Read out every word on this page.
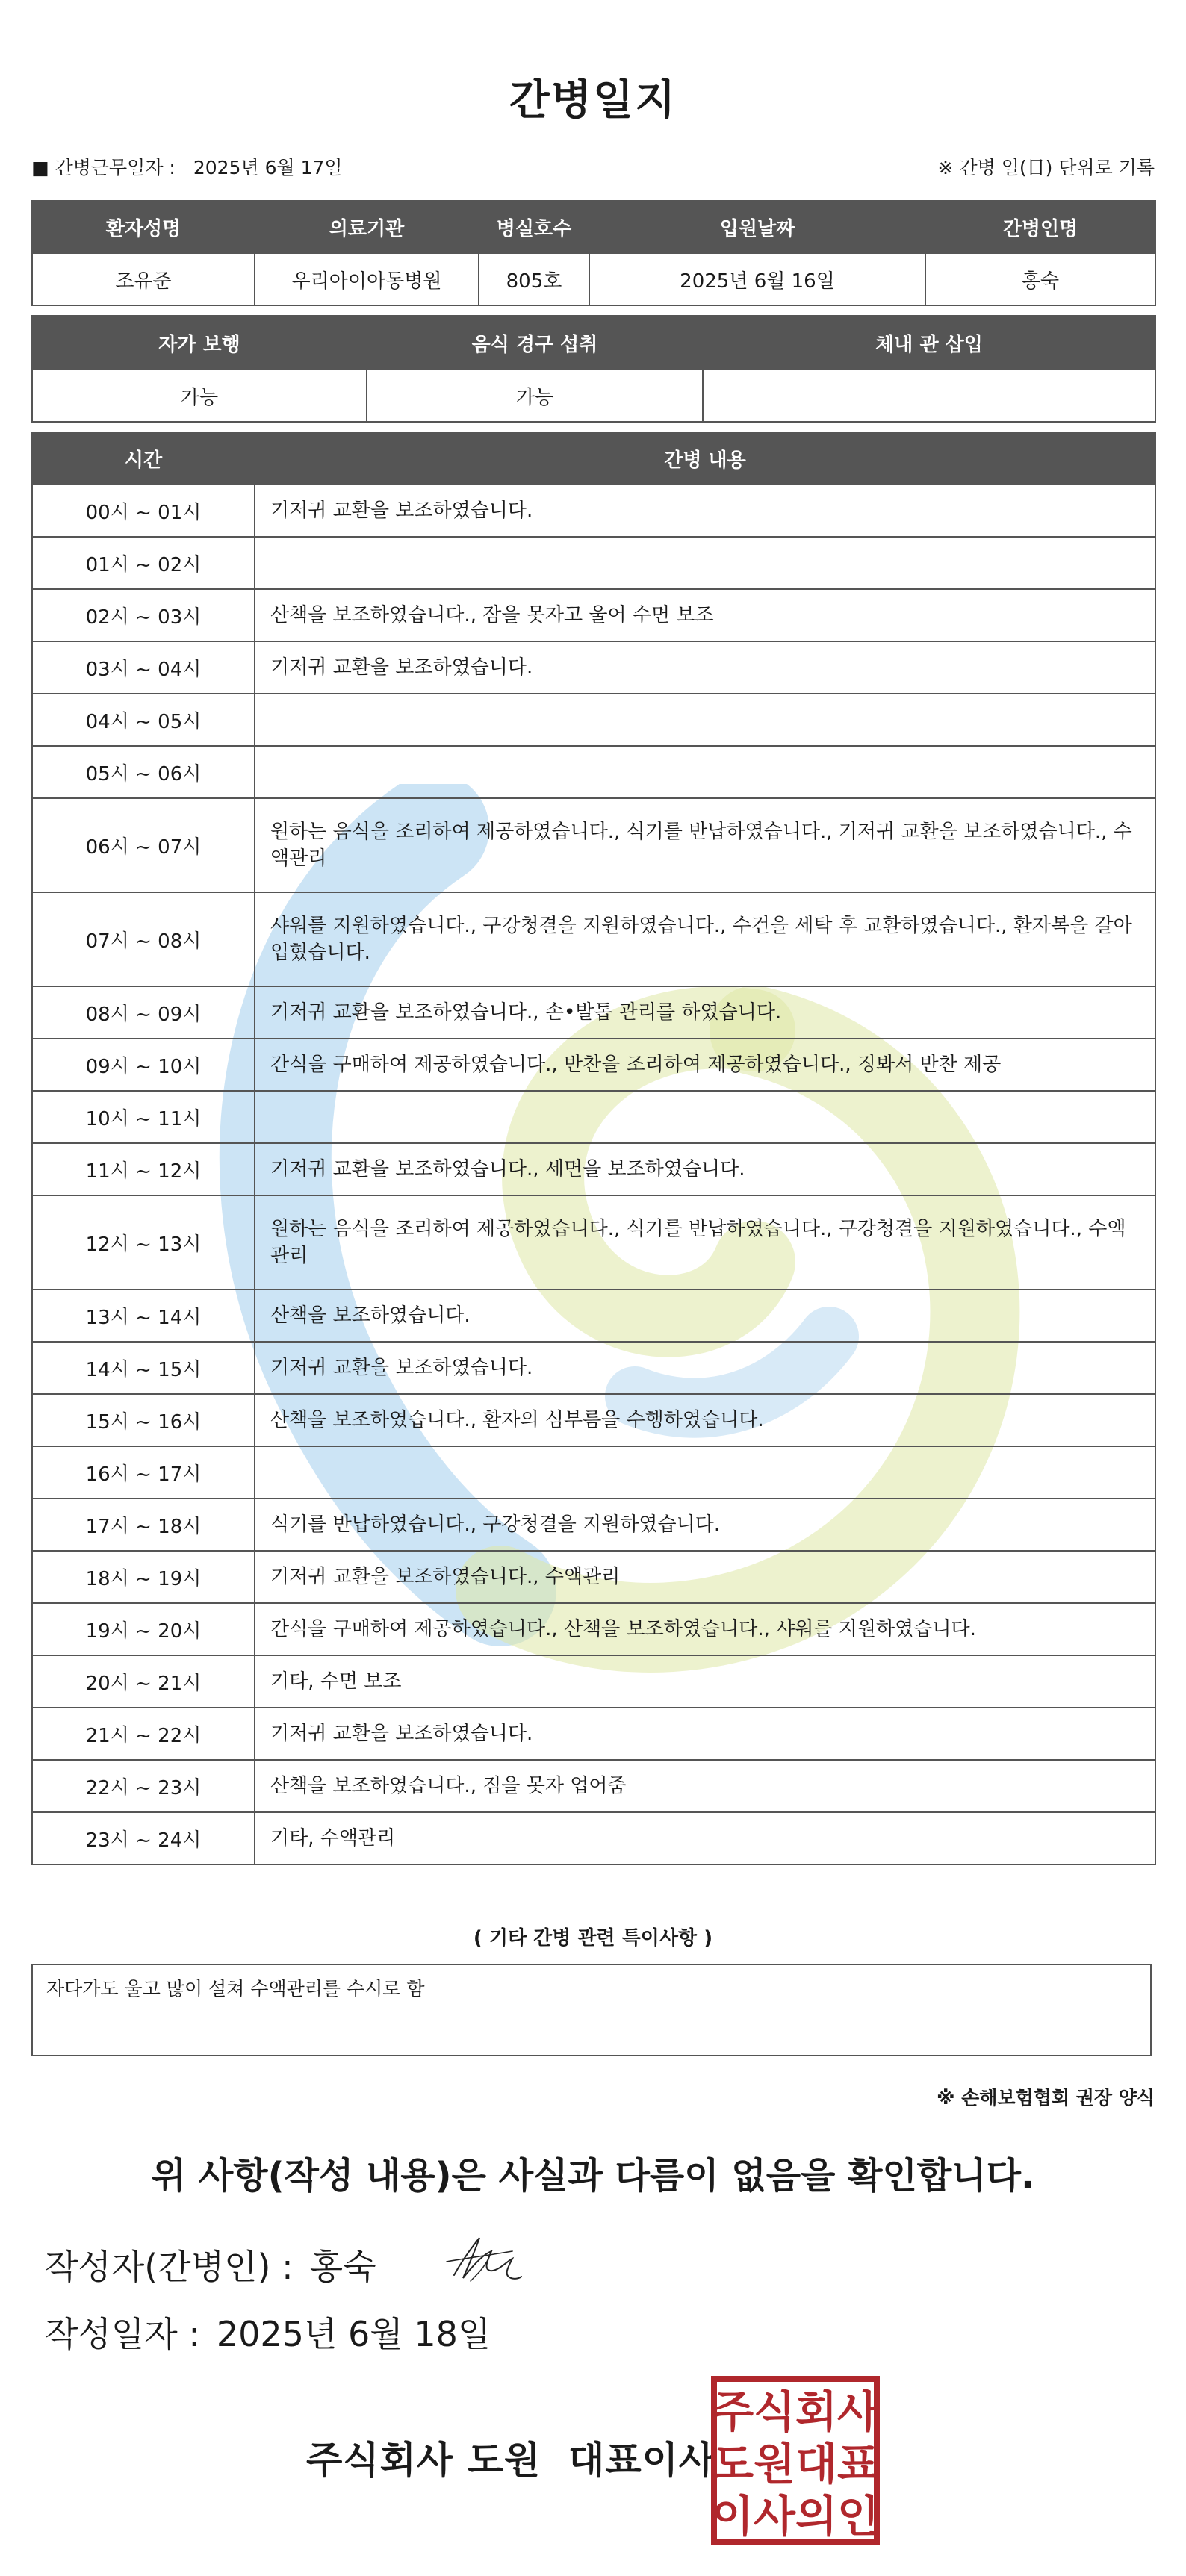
간병일지
■ 간병근무일자 : 2025년 6월 17일	※ 간병 일(日) 단위로 기록
환자성명	의료기관	병실호수	입원날짜	간병인명
조유준	우리아이아동병원	805호	2025년 6월 16일	홍숙
자가 보행	음식 경구 섭취	체내 관 삽입
가능	가능	
시간	간병 내용
00시 ~ 01시	기저귀 교환을 보조하였습니다.
01시 ~ 02시	
02시 ~ 03시	산책을 보조하였습니다., 잠을 못자고 울어 수면 보조
03시 ~ 04시	기저귀 교환을 보조하였습니다.
04시 ~ 05시	
05시 ~ 06시	
06시 ~ 07시	원하는 음식을 조리하여 제공하였습니다., 식기를 반납하였습니다., 기저귀 교환을 보조하였습니다., 수액관리
07시 ~ 08시	샤워를 지원하였습니다., 구강청결을 지원하였습니다., 수건을 세탁 후 교환하였습니다., 환자복을 갈아입혔습니다.
08시 ~ 09시	기저귀 교환을 보조하였습니다., 손•발톱 관리를 하였습니다.
09시 ~ 10시	간식을 구매하여 제공하였습니다., 반찬을 조리하여 제공하였습니다., 징봐서 반찬 제공
10시 ~ 11시	
11시 ~ 12시	기저귀 교환을 보조하였습니다., 세면을 보조하였습니다.
12시 ~ 13시	원하는 음식을 조리하여 제공하였습니다., 식기를 반납하였습니다., 구강청결을 지원하였습니다., 수액관리
13시 ~ 14시	산책을 보조하였습니다.
14시 ~ 15시	기저귀 교환을 보조하였습니다.
15시 ~ 16시	산책을 보조하였습니다., 환자의 심부름을 수행하였습니다.
16시 ~ 17시	
17시 ~ 18시	식기를 반납하였습니다., 구강청결을 지원하였습니다.
18시 ~ 19시	기저귀 교환을 보조하였습니다., 수액관리
19시 ~ 20시	간식을 구매하여 제공하였습니다., 산책을 보조하였습니다., 샤워를 지원하였습니다.
20시 ~ 21시	기타, 수면 보조
21시 ~ 22시	기저귀 교환을 보조하였습니다.
22시 ~ 23시	산책을 보조하였습니다., 짐을 못자 업어줌
23시 ~ 24시	기타, 수액관리
( 기타 간병 관련 특이사항 )
자다가도 울고 많이 설쳐 수액관리를 수시로 함
※ 손해보험협회 권장 양식
위 사항(작성 내용)은 사실과 다름이 없음을 확인합니다.
작성자(간병인) : 홍숙
작성일자 : 2025년 6월 18일
주식회사 도원  대표이사
주식회사
도원대표
이사의인
